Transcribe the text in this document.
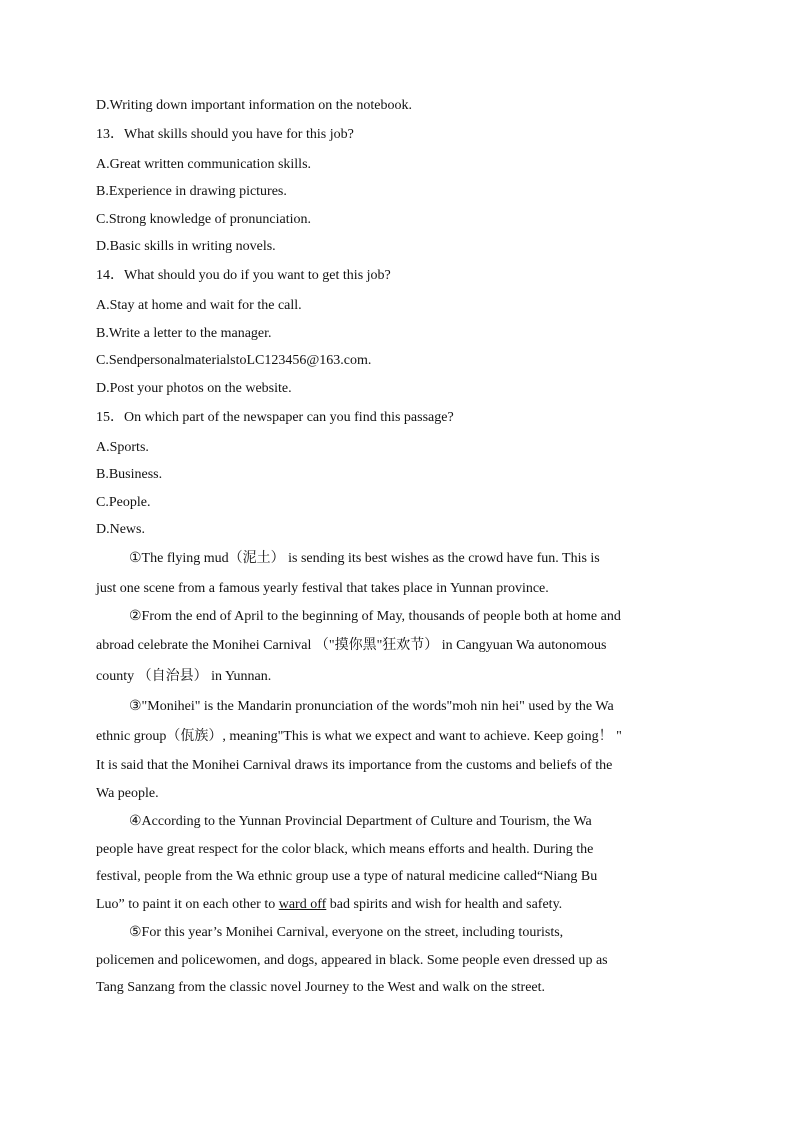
D.Writing down important information on the notebook.
13．What skills should you have for this job?
A.Great written communication skills.
B.Experience in drawing pictures.
C.Strong knowledge of pronunciation.
D.Basic skills in writing novels.
14．What should you do if you want to get this job?
A.Stay at home and wait for the call.
B.Write a letter to the manager.
C.SendpersonalmaterialstoLC123456@163.com.
D.Post your photos on the website.
15．On which part of the newspaper can you find this passage?
A.Sports.
B.Business.
C.People.
D.News.
①The flying mud（泥土） is sending its best wishes as the crowd have fun. This is
just one scene from a famous yearly festival that takes place in Yunnan province.
②From the end of April to the beginning of May, thousands of people both at home and
abroad celebrate the Monihei Carnival （"摸你黑"狂欢节） in Cangyuan Wa autonomous
county （自治县） in Yunnan.
③"Monihei" is the Mandarin pronunciation of the words"moh nin hei" used by the Wa
ethnic group（佤族）, meaning"This is what we expect and want to achieve. Keep going！ "
It is said that the Monihei Carnival draws its importance from the customs and beliefs of the
Wa people.
④According to the Yunnan Provincial Department of Culture and Tourism, the Wa
people have great respect for the color black, which means efforts and health. During the
festival, people from the Wa ethnic group use a type of natural medicine called“Niang Bu
Luo” to paint it on each other to ward off bad spirits and wish for health and safety.
⑤For this year’s Monihei Carnival, everyone on the street, including tourists,
policemen and policewomen, and dogs, appeared in black. Some people even dressed up as
Tang Sanzang from the classic novel Journey to the West and walk on the street.
